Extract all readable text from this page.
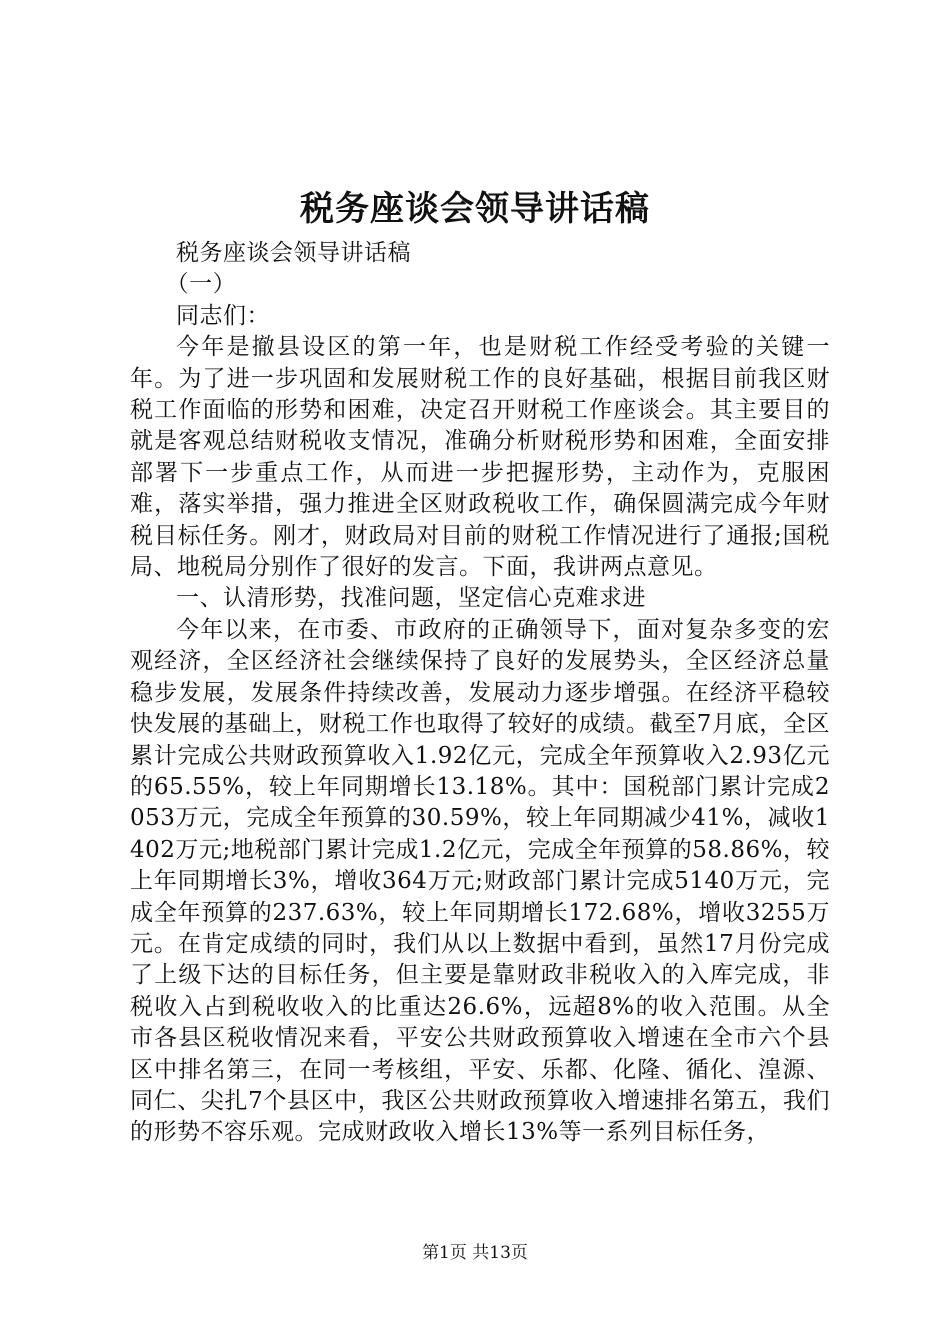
税务座谈会领导讲话稿

税务座谈会领导讲话稿

（一）

同志们：

今年是撤县设区的第一年，也是财税工作经受考验的关键一年。为了进一步巩固和发展财税工作的良好基础，根据目前我区财税工作面临的形势和困难，决定召开财税工作座谈会。其主要目的就是客观总结财税收支情况，准确分析财税形势和困难，全面安排部署下一步重点工作，从而进一步把握形势，主动作为，克服困难，落实举措，强力推进全区财政税收工作，确保圆满完成今年财税目标任务。刚才，财政局对目前的财税工作情况进行了通报;国税局、地税局分别作了很好的发言。下面，我讲两点意见。

一、认清形势，找准问题，坚定信心克难求进

今年以来，在市委、市政府的正确领导下，面对复杂多变的宏观经济，全区经济社会继续保持了良好的发展势头，全区经济总量稳步发展，发展条件持续改善，发展动力逐步增强。在经济平稳较快发展的基础上，财税工作也取得了较好的成绩。截至7月底，全区累计完成公共财政预算收入1.92亿元，完成全年预算收入2.93亿元的65.55%，较上年同期增长13.18%。其中：国税部门累计完成2053万元，完成全年预算的30.59%，较上年同期减少41%，减收1402万元;地税部门累计完成1.2亿元，完成全年预算的58.86%，较上年同期增长3%，增收364万元;财政部门累计完成5140万元，完成全年预算的237.63%，较上年同期增长172.68%，增收3255万元。在肯定成绩的同时，我们从以上数据中看到，虽然17月份完成了上级下达的目标任务，但主要是靠财政非税收入的入库完成，非税收入占到税收收入的比重达26.6%，远超8%的收入范围。从全市各县区税收情况来看，平安公共财政预算收入增速在全市六个县区中排名第三，在同一考核组，平安、乐都、化隆、循化、湟源、同仁、尖扎7个县区中，我区公共财政预算收入增速排名第五，我们的形势不容乐观。完成财政收入增长13%等一系列目标任务，

第1页 共13页
